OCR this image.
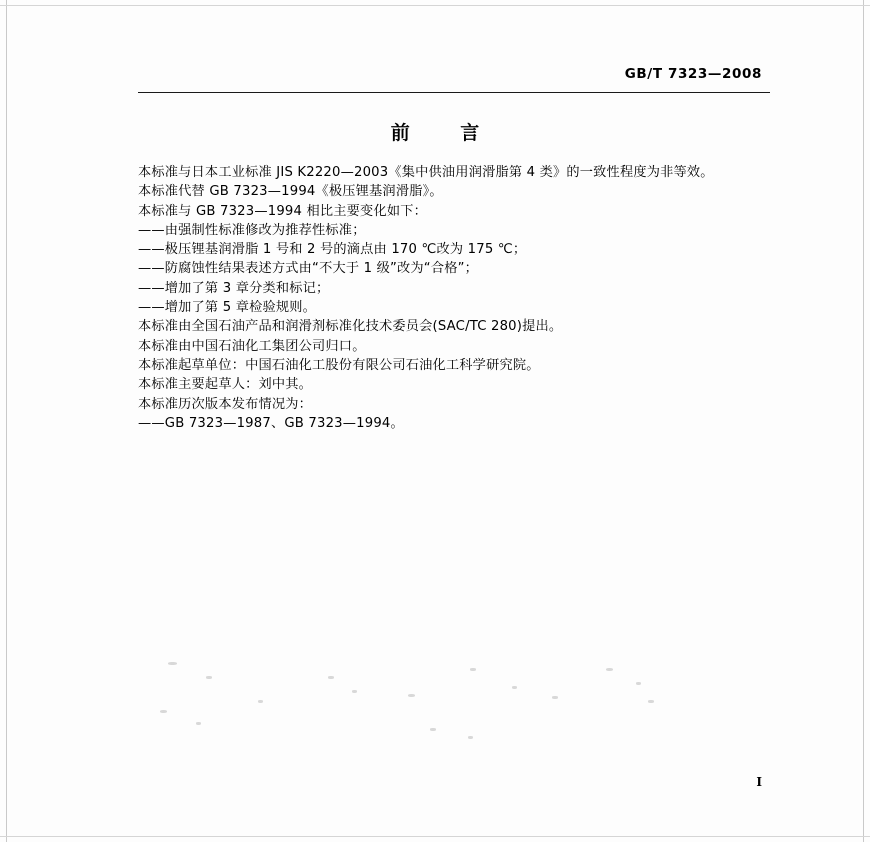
GB/T 7323—2008
前 言

本标准与日本工业标准 JIS K2220—2003《集中供油用润滑脂第 4 类》的一致性程度为非等效。

本标准代替 GB 7323—1994《极压锂基润滑脂》。

本标准与 GB 7323—1994 相比主要变化如下：

——由强制性标准修改为推荐性标准；

——极压锂基润滑脂 1 号和 2 号的滴点由 170 ℃改为 175 ℃；

——防腐蚀性结果表述方式由“不大于 1 级”改为“合格”；

——增加了第 3 章分类和标记；

——增加了第 5 章检验规则。

本标准由全国石油产品和润滑剂标准化技术委员会(SAC/TC 280)提出。

本标准由中国石油化工集团公司归口。

本标准起草单位：中国石油化工股份有限公司石油化工科学研究院。

本标准主要起草人：刘中其。

本标准历次版本发布情况为：

——GB 7323—1987、GB 7323—1994。

I
